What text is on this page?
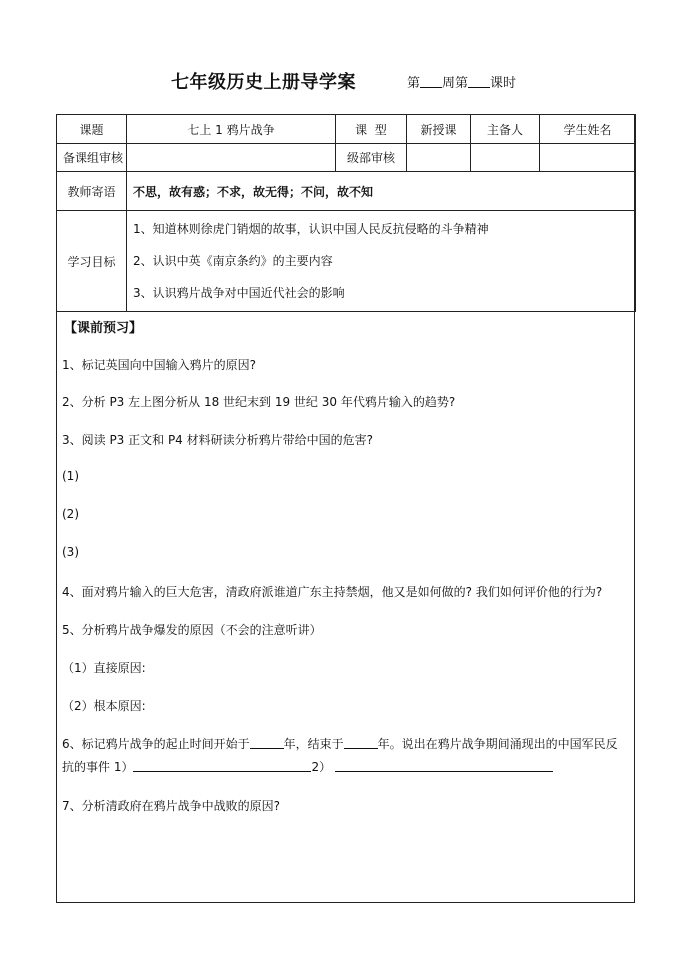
七年级历史上册导学案	第 周第 课时
课题	七上 1 鸦片战争	课  型	新授课	主备人	学生姓名
备课组审核		级部审核			
教师寄语	不思，故有惑；不求，故无得；不问，故不知				
学习目标	1、知道林则徐虎门销烟的故事，认识中国人民反抗侵略的斗争精神
2、认识中英《南京条约》的主要内容
3、认识鸦片战争对中国近代社会的影响				
【课前预习】
1、标记英国向中国输入鸦片的原因?
2、分析 P3 左上图分析从 18 世纪末到 19 世纪 30 年代鸦片输入的趋势?
3、阅读 P3 正文和 P4 材料研读分析鸦片带给中国的危害?
(1)
(2)
(3)
4、面对鸦片输入的巨大危害，清政府派谁道广东主持禁烟，他又是如何做的? 我们如何评价他的行为?
5、分析鸦片战争爆发的原因（不会的注意听讲）
（1）直接原因:
（2）根本原因:
6、标记鸦片战争的起止时间开始于	年，结束于	年。说出在鸦片战争期间涌现出的中国军民反
抗的事件 1）	2）
7、分析清政府在鸦片战争中战败的原因?
